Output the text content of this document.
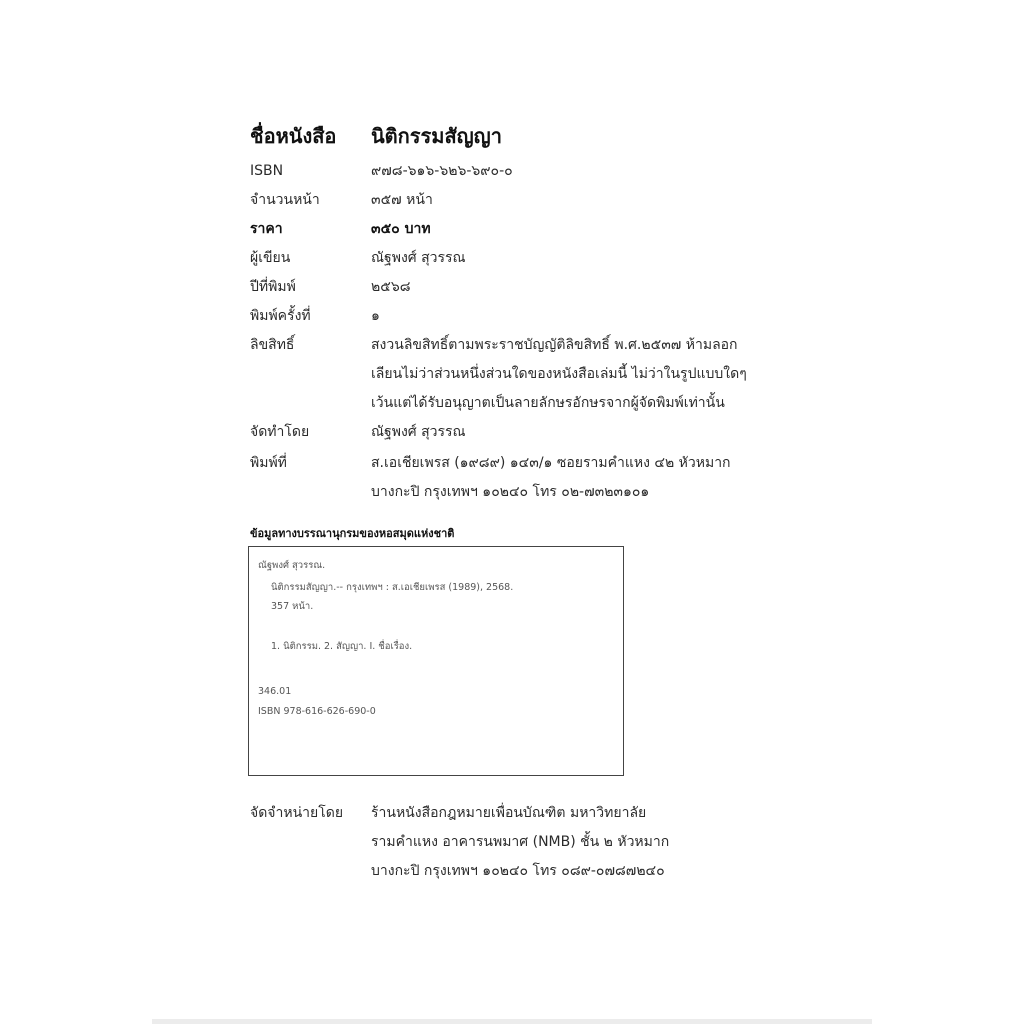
ชื่อหนังสือ	นิติกรรมสัญญา
ISBN	๙๗๘-๖๑๖-๖๒๖-๖๙๐-๐
จำนวนหน้า	๓๕๗ หน้า
ราคา	๓๕๐ บาท
ผู้เขียน	ณัฐพงศ์ สุวรรณ
ปีที่พิมพ์	๒๕๖๘
พิมพ์ครั้งที่	๑
ลิขสิทธิ์	สงวนลิขสิทธิ์ตามพระราชบัญญัติลิขสิทธิ์ พ.ศ.๒๕๓๗ ห้ามลอก
เลียนไม่ว่าส่วนหนึ่งส่วนใดของหนังสือเล่มนี้ ไม่ว่าในรูปแบบใดๆ
เว้นแต่ได้รับอนุญาตเป็นลายลักษรอักษรจากผู้จัดพิมพ์เท่านั้น
จัดทำโดย	ณัฐพงศ์ สุวรรณ
พิมพ์ที่	ส.เอเชียเพรส (๑๙๘๙) ๑๔๓/๑ ซอยรามคำแหง ๔๒ หัวหมาก
บางกะปิ กรุงเทพฯ ๑๐๒๔๐ โทร ๐๒-๗๓๒๓๑๐๑
ข้อมูลทางบรรณานุกรมของหอสมุดแห่งชาติ
ณัฐพงศ์ สุวรรณ.
นิติกรรมสัญญา.-- กรุงเทพฯ : ส.เอเชียเพรส (1989), 2568.
357 หน้า.
1. นิติกรรม. 2. สัญญา. I. ชื่อเรื่อง.
346.01
ISBN 978-616-626-690-0
จัดจำหน่ายโดย	ร้านหนังสือกฎหมายเพื่อนบัณฑิต มหาวิทยาลัย
รามคำแหง อาคารนพมาศ (NMB) ชั้น ๒ หัวหมาก
บางกะปิ กรุงเทพฯ ๑๐๒๔๐ โทร ๐๘๙-๐๗๘๗๒๔๐
